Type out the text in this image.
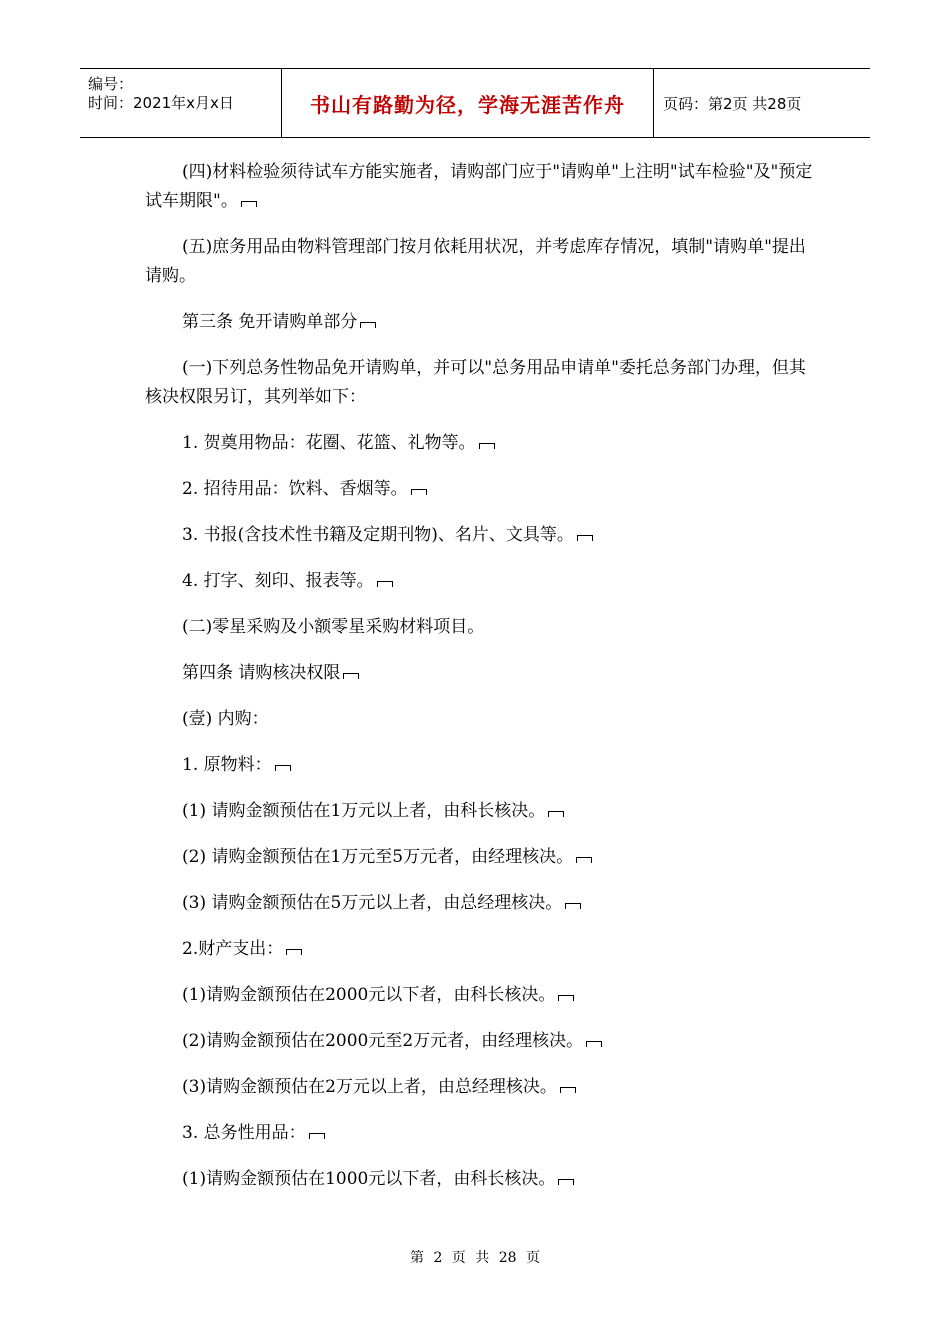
编号：
时间：2021年x月x日	书山有路勤为径，学海无涯苦作舟	页码：第2页 共28页

(四)材料检验须待试车方能实施者，请购部门应于"请购单"上注明"试车检验"及"预定试车期限"。

(五)庶务用品由物料管理部门按月依耗用状况，并考虑库存情况，填制"请购单"提出请购。

第三条 免开请购单部分

(一)下列总务性物品免开请购单，并可以"总务用品申请单"委托总务部门办理，但其核决权限另订，其列举如下：

1. 贺奠用物品：花圈、花篮、礼物等。

2. 招待用品：饮料、香烟等。

3. 书报(含技术性书籍及定期刊物)、名片、文具等。

4. 打字、刻印、报表等。

(二)零星采购及小额零星采购材料项目。

第四条 请购核决权限

(壹) 内购：

1. 原物料：

(1) 请购金额预估在1万元以上者，由科长核决。

(2) 请购金额预估在1万元至5万元者，由经理核决。

(3) 请购金额预估在5万元以上者，由总经理核决。

2.财产支出：

(1)请购金额预估在2000元以下者，由科长核决。

(2)请购金额预估在2000元至2万元者，由经理核决。

(3)请购金额预估在2万元以上者，由总经理核决。

3. 总务性用品：

(1)请购金额预估在1000元以下者，由科长核决。

第 2 页 共 28 页
